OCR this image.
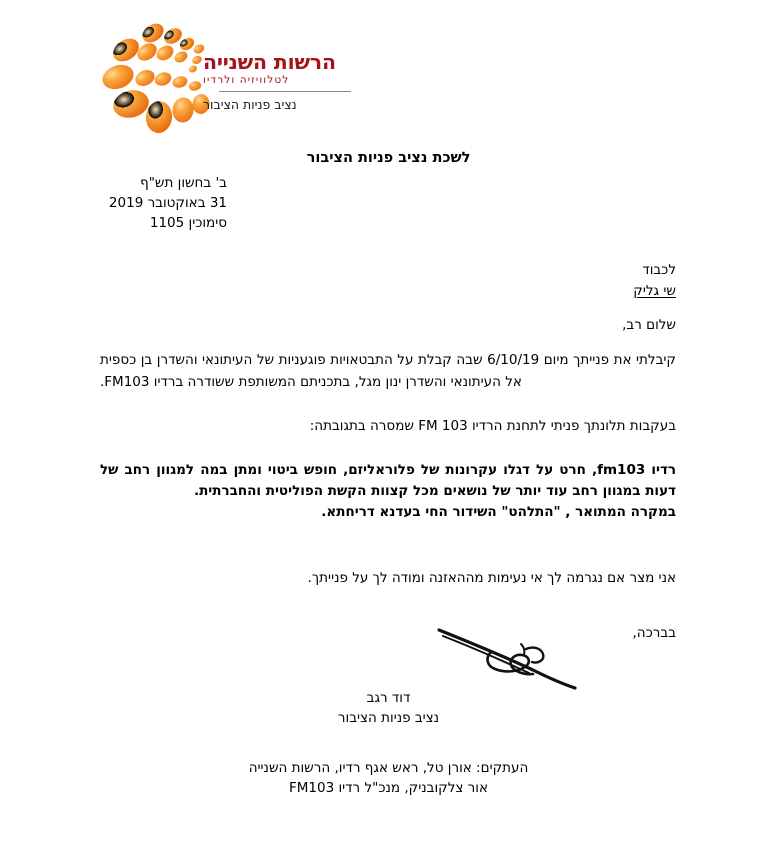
הרשות השנייה
לטלוויזיה ולרדיו
נציב פניות הציבור
לשכת נציב פניות הציבור
ב' בחשון תש"ף
31 באוקטובר 2019
סימוכין 1105
לכבוד
שי גליק
שלום רב,

קיבלתי את פנייתך מיום 6/10/19 שבה קבלת על התבטאויות פוגעניות של העיתונאי והשדרן בן כספית אל העיתונאי והשדרן ינון מגל, בתכניתם המשותפת ששודרה ברדיו FM103.

בעקבות תלונתך פניתי לתחנת הרדיו FM 103 שמסרה בתגובתה:

רדיו fm103, חרט על דגלו עקרונות של פלוראליזם, חופש ביטוי ומתן במה למגוון רחב של דעות במגוון רחב עוד יותר של נושאים מכל קצוות הקשת הפוליטית והחברתית.
במקרה המתואר , "התלהט" השידור החי בעדנא דריחתא.

אני מצר אם נגרמה לך אי נעימות מההאזנה ומודה לך על פנייתך.

בברכה,

דוד רגב
נציב פניות הציבור
העתקים: אורן טל, ראש אגף רדיו, הרשות השנייה
אור צלקובניק, מנכ"ל רדיו FM103
